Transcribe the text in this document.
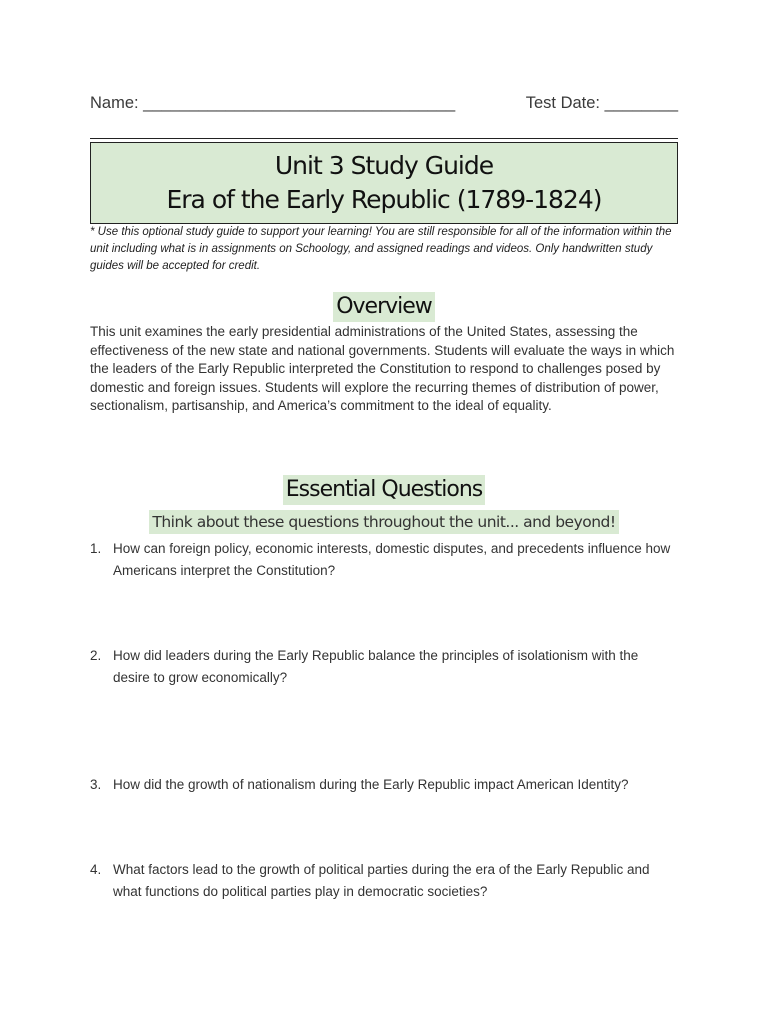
Name: __________________________________	Test Date: ________
Unit 3 Study Guide
Era of the Early Republic (1789-1824)
* Use this optional study guide to support your learning! You are still responsible for all of the information within the unit including what is in assignments on Schoology, and assigned readings and videos. Only handwritten study guides will be accepted for credit.
Overview
This unit examines the early presidential administrations of the United States, assessing the effectiveness of the new state and national governments. Students will evaluate the ways in which the leaders of the Early Republic interpreted the Constitution to respond to challenges posed by domestic and foreign issues. Students will explore the recurring themes of distribution of power, sectionalism, partisanship, and America’s commitment to the ideal of equality.
Essential Questions
Think about these questions throughout the unit... and beyond!
1. How can foreign policy, economic interests, domestic disputes, and precedents influence how Americans interpret the Constitution?
2. How did leaders during the Early Republic balance the principles of isolationism with the desire to grow economically?
3. How did the growth of nationalism during the Early Republic impact American Identity?
4. What factors lead to the growth of political parties during the era of the Early Republic and what functions do political parties play in democratic societies?
